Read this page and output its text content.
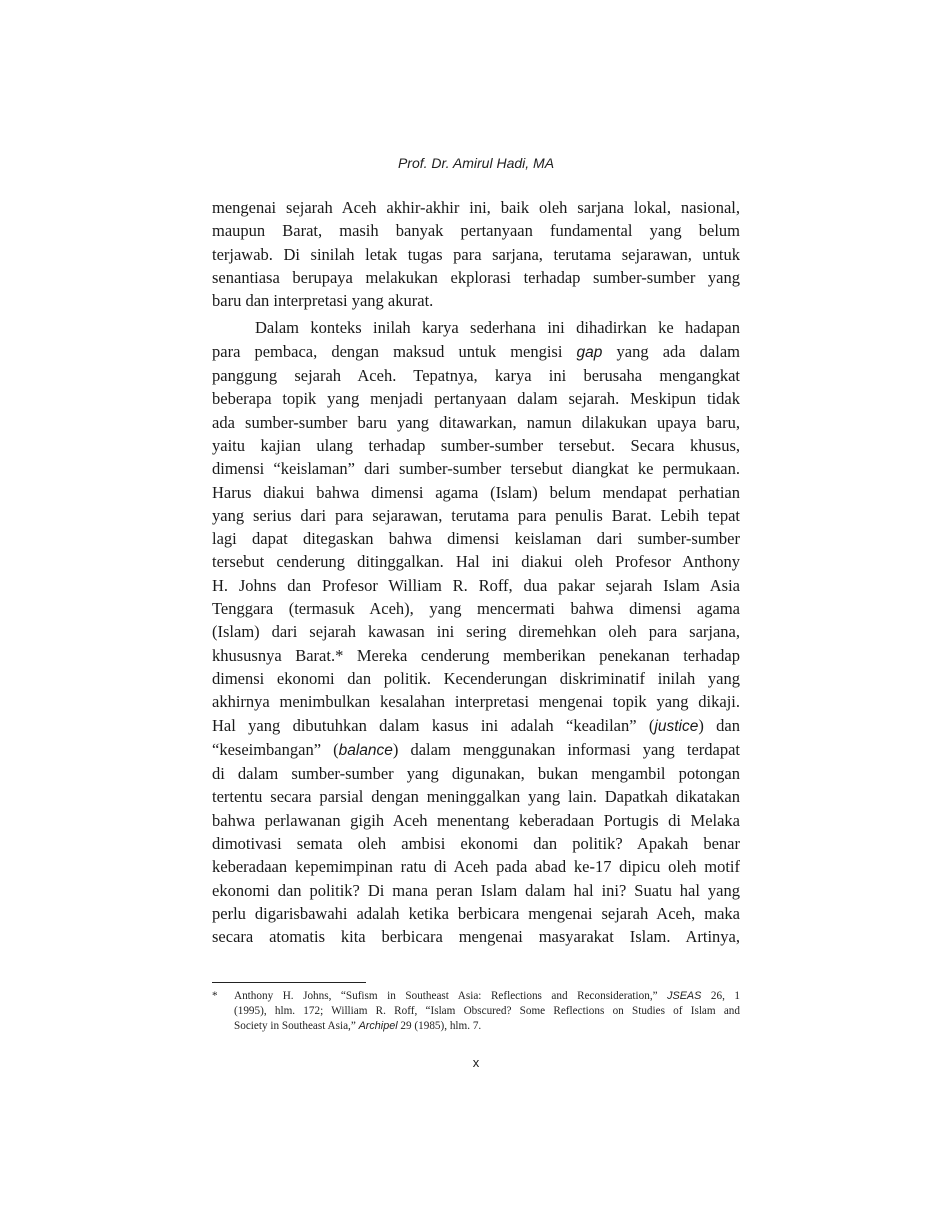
Prof. Dr. Amirul Hadi, MA
mengenai sejarah Aceh akhir-akhir ini, baik oleh sarjana lokal, nasional,
maupun Barat, masih banyak pertanyaan fundamental yang belum
terjawab. Di sinilah letak tugas para sarjana, terutama sejarawan, untuk
senantiasa berupaya melakukan ekplorasi terhadap sumber-sumber yang
baru dan interpretasi yang akurat.
Dalam konteks inilah karya sederhana ini dihadirkan ke hadapan
para pembaca, dengan maksud untuk mengisi gap yang ada dalam
panggung sejarah Aceh. Tepatnya, karya ini berusaha mengangkat
beberapa topik yang menjadi pertanyaan dalam sejarah. Meskipun tidak
ada sumber-sumber baru yang ditawarkan, namun dilakukan upaya baru,
yaitu kajian ulang terhadap sumber-sumber tersebut. Secara khusus,
dimensi “keislaman” dari sumber-sumber tersebut diangkat ke permukaan.
Harus diakui bahwa dimensi agama (Islam) belum mendapat perhatian
yang serius dari para sejarawan, terutama para penulis Barat. Lebih tepat
lagi dapat ditegaskan bahwa dimensi keislaman dari sumber-sumber
tersebut cenderung ditinggalkan. Hal ini diakui oleh Profesor Anthony
H. Johns dan Profesor William R. Roff, dua pakar sejarah Islam Asia
Tenggara (termasuk Aceh), yang mencermati bahwa dimensi agama
(Islam) dari sejarah kawasan ini sering diremehkan oleh para sarjana,
khususnya Barat.* Mereka cenderung memberikan penekanan terhadap
dimensi ekonomi dan politik. Kecenderungan diskriminatif inilah yang
akhirnya menimbulkan kesalahan interpretasi mengenai topik yang dikaji.
Hal yang dibutuhkan dalam kasus ini adalah “keadilan” (justice) dan
“keseimbangan” (balance) dalam menggunakan informasi yang terdapat
di dalam sumber-sumber yang digunakan, bukan mengambil potongan
tertentu secara parsial dengan meninggalkan yang lain. Dapatkah dikatakan
bahwa perlawanan gigih Aceh menentang keberadaan Portugis di Melaka
dimotivasi semata oleh ambisi ekonomi dan politik? Apakah benar
keberadaan kepemimpinan ratu di Aceh pada abad ke-17 dipicu oleh motif
ekonomi dan politik? Di mana peran Islam dalam hal ini? Suatu hal yang
perlu digarisbawahi adalah ketika berbicara mengenai sejarah Aceh, maka
secara atomatis kita berbicara mengenai masyarakat Islam. Artinya,
* Anthony H. Johns, “Sufism in Southeast Asia: Reflections and Reconsideration,” JSEAS 26, 1
(1995), hlm. 172; William R. Roff, “Islam Obscured? Some Reflections on Studies of Islam and
Society in Southeast Asia,” Archipel 29 (1985), hlm. 7.
x
